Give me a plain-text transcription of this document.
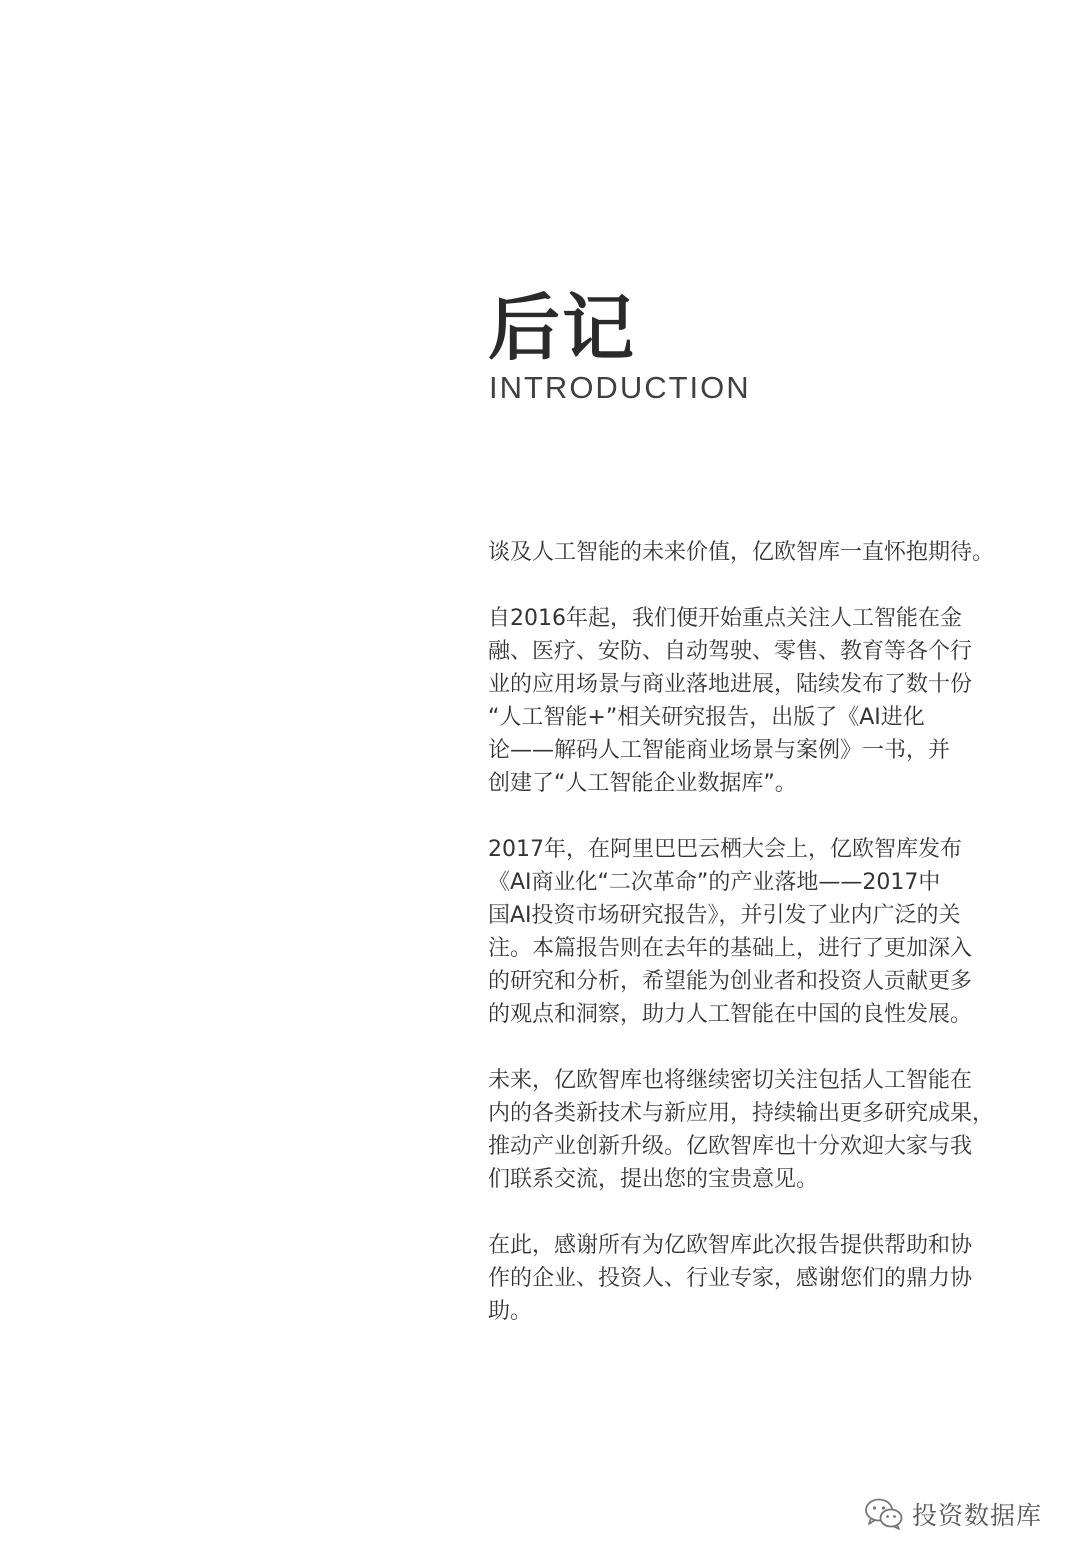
后记
INTRODUCTION

谈及人工智能的未来价值，亿欧智库一直怀抱期待。

自2016年起，我们便开始重点关注人工智能在金
融、医疗、安防、自动驾驶、零售、教育等各个行
业的应用场景与商业落地进展，陆续发布了数十份
“人工智能+”相关研究报告，出版了《AI进化
论——解码人工智能商业场景与案例》一书，并
创建了“人工智能企业数据库”。

2017年，在阿里巴巴云栖大会上，亿欧智库发布
《AI商业化“二次革命”的产业落地——2017中
国AI投资市场研究报告》，并引发了业内广泛的关
注。本篇报告则在去年的基础上，进行了更加深入
的研究和分析，希望能为创业者和投资人贡献更多
的观点和洞察，助力人工智能在中国的良性发展。

未来，亿欧智库也将继续密切关注包括人工智能在
内的各类新技术与新应用，持续输出更多研究成果，
推动产业创新升级。亿欧智库也十分欢迎大家与我
们联系交流，提出您的宝贵意见。

在此，感谢所有为亿欧智库此次报告提供帮助和协
作的企业、投资人、行业专家，感谢您们的鼎力协
助。

投资数据库
